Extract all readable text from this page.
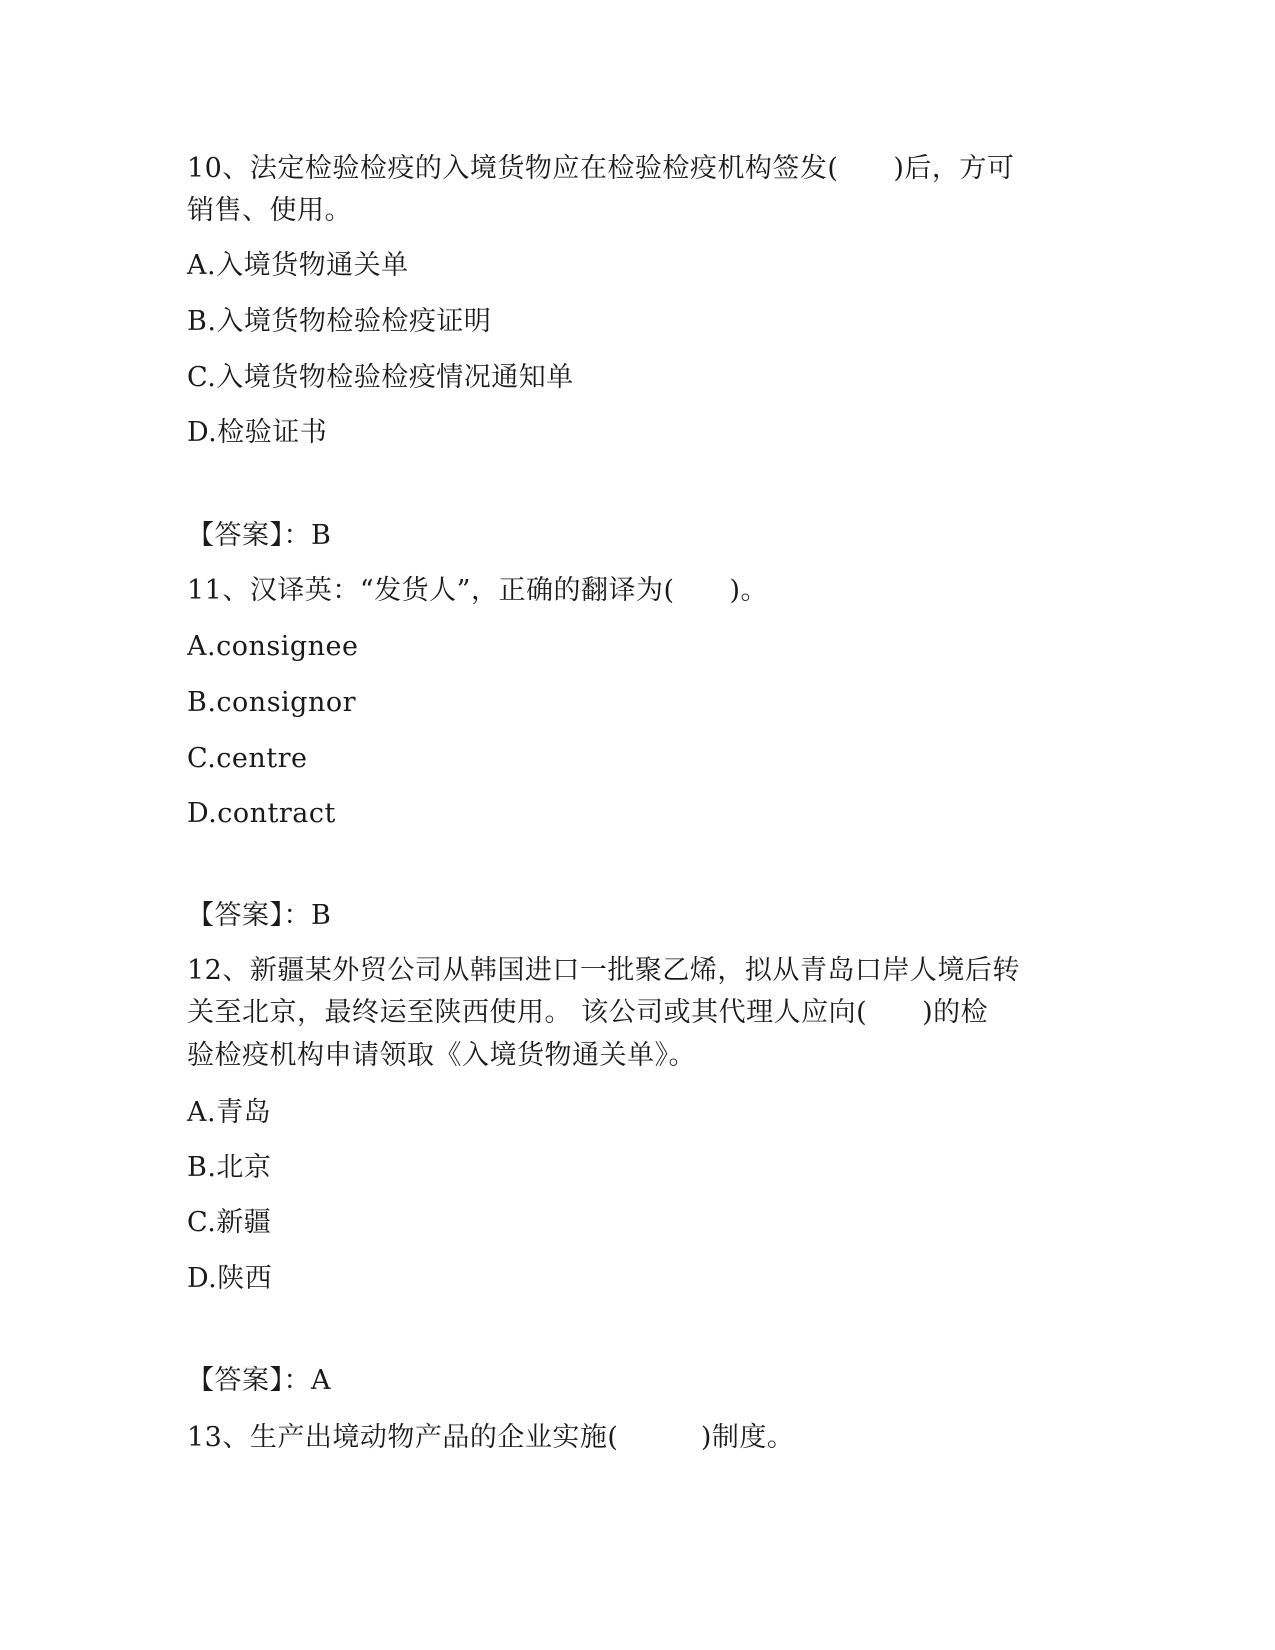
10、法定检验检疫的入境货物应在检验检疫机构签发(　　)后，方可
销售、使用。
A.入境货物通关单
B.入境货物检验检疫证明
C.入境货物检验检疫情况通知单
D.检验证书
【答案】：B
11、汉译英：“发货人”，正确的翻译为(　　)。
A.consignee
B.consignor
C.centre
D.contract
【答案】：B
12、新疆某外贸公司从韩国进口一批聚乙烯，拟从青岛口岸人境后转
关至北京，最终运至陕西使用。 该公司或其代理人应向(　　)的检
验检疫机构申请领取《入境货物通关单》。
A.青岛
B.北京
C.新疆
D.陕西
【答案】：A
13、生产出境动物产品的企业实施(　　　)制度。
